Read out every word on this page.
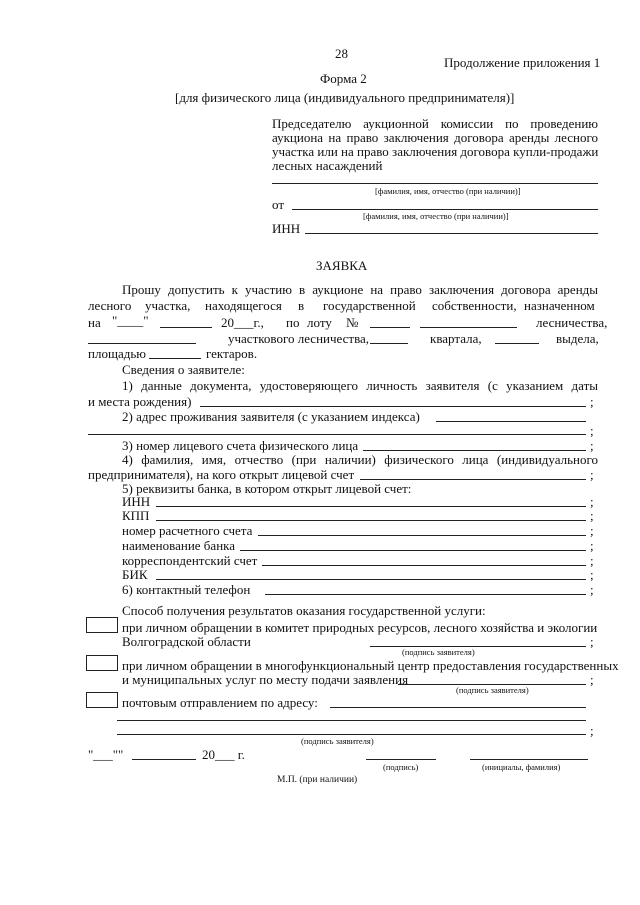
28
Продолжение приложения 1
Форма 2
[для физического лица (индивидуального предпринимателя)]
Председателю аукционной комиссии по проведению
аукциона на право заключения договора аренды лесного
участка или на право заключения договора купли-продажи
лесных насаждений
[фамилия, имя, отчество (при наличии)]
от
[фамилия, имя, отчество (при наличии)]
ИНН
ЗАЯВКА
Прошу допустить к участию в аукционе на право заключения договора аренды
лесного участка, находящегося в государственной собственности, назначенном
на "____"	20___г., по лоту №	лесничества,
участкового лесничества,	квартала,	выдела,
площадью	гектаров.
Сведения о заявителе:
1) данные документа, удостоверяющего личность заявителя (с указанием даты
и места рождения)	;
2) адрес проживания заявителя (с указанием индекса)
;
3) номер лицевого счета физического лица	;
4) фамилия, имя, отчество (при наличии) физического лица (индивидуального
предпринимателя), на кого открыт лицевой счет	;
5) реквизиты банка, в котором открыт лицевой счет:
ИНН	;
КПП	;
номер расчетного счета	;
наименование банка	;
корреспондентский счет	;
БИК	;
6) контактный телефон	;
Способ получения результатов оказания государственной услуги:
при личном обращении в комитет природных ресурсов, лесного хозяйства и экологии
Волгоградской области	;
(подпись заявителя)
при личном обращении в многофункциональный центр предоставления государственных
и муниципальных услуг по месту подачи заявления	;
(подпись заявителя)
почтовым отправлением по адресу:
;
(подпись заявителя)
"___" "	20___ г.
(подпись)	(инициалы, фамилия)
М.П. (при наличии)
